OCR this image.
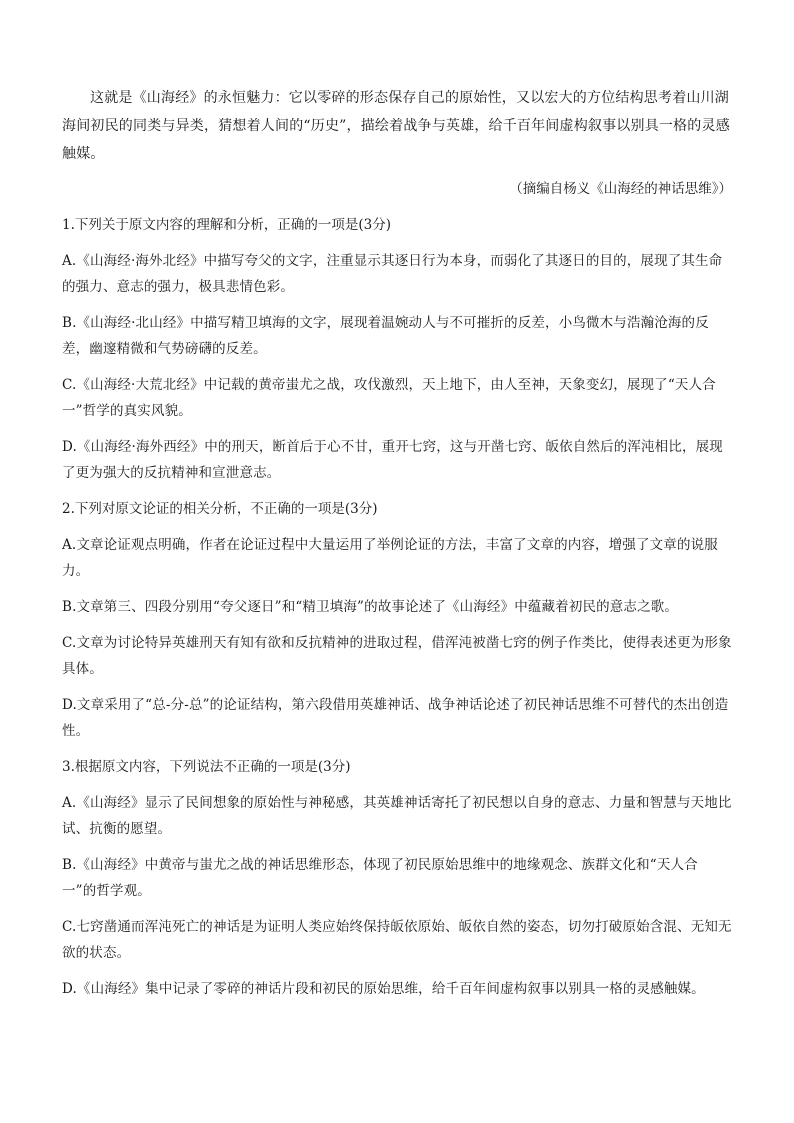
这就是《山海经》的永恒魅力：它以零碎的形态保存自己的原始性，又以宏大的方位结构思考着山川湖海间初民的同类与异类，猜想着人间的“历史”，描绘着战争与英雄，给千百年间虚构叙事以别具一格的灵感触媒。

（摘编自杨义《山海经的神话思维》）

1.下列关于原文内容的理解和分析，正确的一项是(3分)

A.《山海经·海外北经》中描写夸父的文字，注重显示其逐日行为本身，而弱化了其逐日的目的，展现了其生命的强力、意志的强力，极具悲情色彩。

B.《山海经·北山经》中描写精卫填海的文字，展现着温婉动人与不可摧折的反差，小鸟微木与浩瀚沧海的反差，幽邃精微和气势磅礴的反差。

C.《山海经·大荒北经》中记载的黄帝蚩尤之战，攻伐激烈，天上地下，由人至神，天象变幻，展现了“天人合一”哲学的真实风貌。

D.《山海经·海外西经》中的刑天，断首后于心不甘，重开七窍，这与开凿七窍、皈依自然后的浑沌相比，展现了更为强大的反抗精神和宣泄意志。

2.下列对原文论证的相关分析，不正确的一项是(3分)

A.文章论证观点明确，作者在论证过程中大量运用了举例论证的方法，丰富了文章的内容，增强了文章的说服力。

B.文章第三、四段分别用“夸父逐日”和“精卫填海”的故事论述了《山海经》中蕴藏着初民的意志之歌。

C.文章为讨论特异英雄刑天有知有欲和反抗精神的进取过程，借浑沌被凿七窍的例子作类比，使得表述更为形象具体。

D.文章采用了“总-分-总”的论证结构，第六段借用英雄神话、战争神话论述了初民神话思维不可替代的杰出创造性。

3.根据原文内容，下列说法不正确的一项是(3分)

A.《山海经》显示了民间想象的原始性与神秘感，其英雄神话寄托了初民想以自身的意志、力量和智慧与天地比试、抗衡的愿望。

B.《山海经》中黄帝与蚩尤之战的神话思维形态，体现了初民原始思维中的地缘观念、族群文化和“天人合一”的哲学观。

C.七窍凿通而浑沌死亡的神话是为证明人类应始终保持皈依原始、皈依自然的姿态，切勿打破原始含混、无知无欲的状态。

D.《山海经》集中记录了零碎的神话片段和初民的原始思维，给千百年间虚构叙事以别具一格的灵感触媒。
